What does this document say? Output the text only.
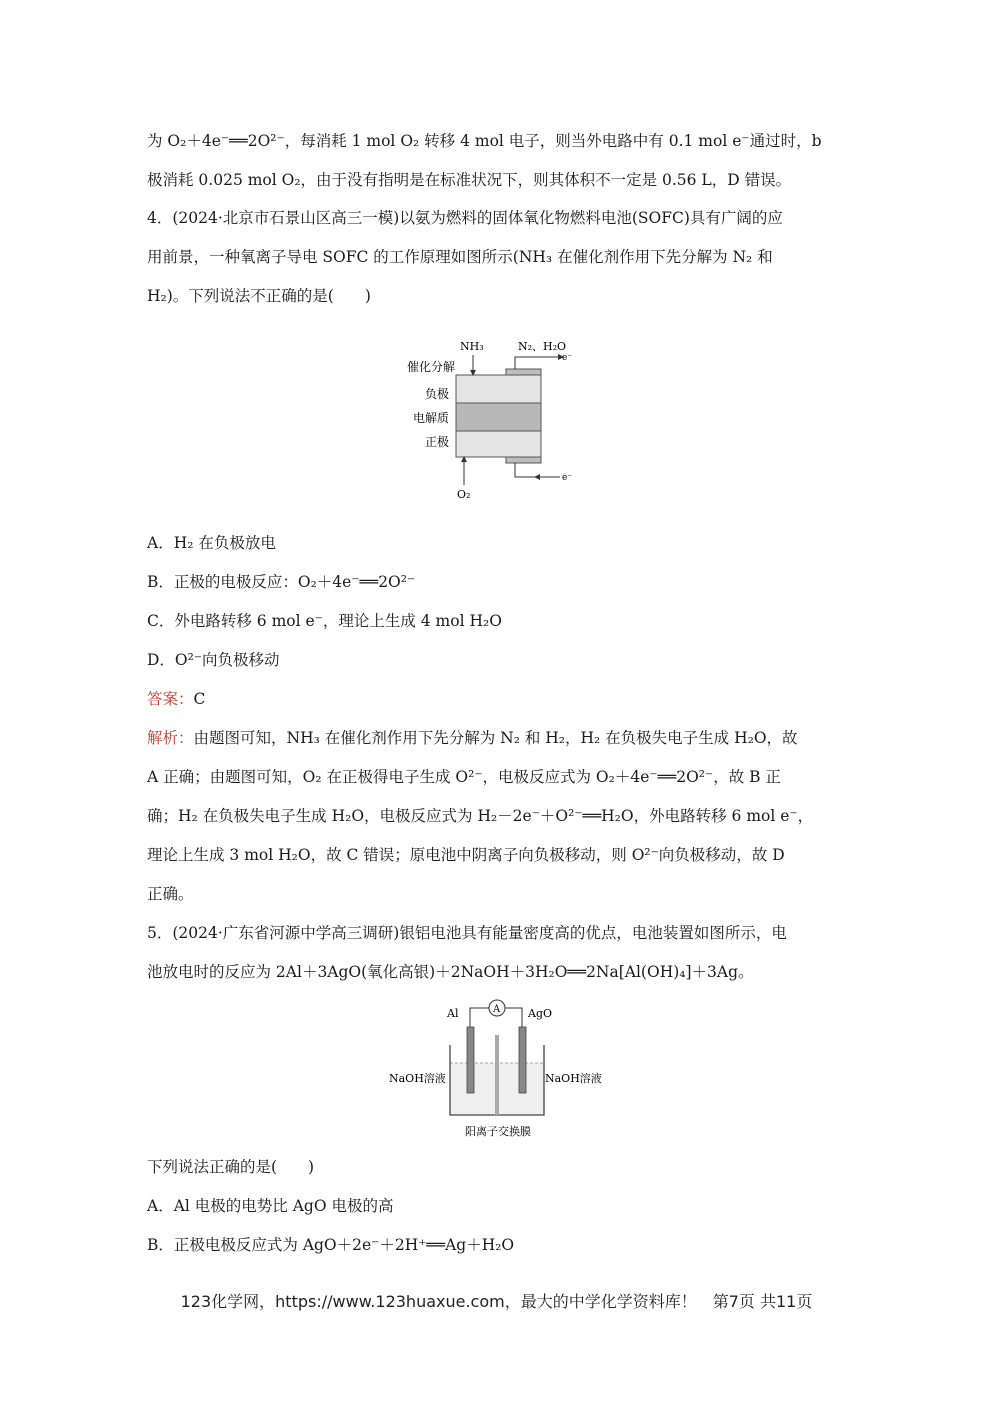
为 O₂＋4e⁻══2O²⁻，每消耗 1 mol O₂ 转移 4 mol 电子，则当外电路中有 0.1 mol e⁻通过时，b
极消耗 0.025 mol O₂，由于没有指明是在标准状况下，则其体积不一定是 0.56 L，D 错误。
4．(2024·北京市石景山区高三一模)以氨为燃料的固体氧化物燃料电池(SOFC)具有广阔的应
用前景，一种氧离子导电 SOFC 的工作原理如图所示(NH₃ 在催化剂作用下先分解为 N₂ 和
H₂)。下列说法不正确的是(　　)
NH₃	N₂、H₂O
e⁻
e⁻
催化分解
负极
电解质
正极
O₂
A．H₂ 在负极放电
B．正极的电极反应：O₂＋4e⁻══2O²⁻
C．外电路转移 6 mol e⁻，理论上生成 4 mol H₂O
D．O²⁻向负极移动
答案：C
解析：由题图可知，NH₃ 在催化剂作用下先分解为 N₂ 和 H₂，H₂ 在负极失电子生成 H₂O，故
A 正确；由题图可知，O₂ 在正极得电子生成 O²⁻，电极反应式为 O₂＋4e⁻══2O²⁻，故 B 正
确；H₂ 在负极失电子生成 H₂O，电极反应式为 H₂－2e⁻＋O²⁻══H₂O，外电路转移 6 mol e⁻，
理论上生成 3 mol H₂O，故 C 错误；原电池中阴离子向负极移动，则 O²⁻向负极移动，故 D
正确。
5．(2024·广东省河源中学高三调研)银铝电池具有能量密度高的优点，电池装置如图所示，电
池放电时的反应为 2Al＋3AgO(氧化高银)＋2NaOH＋3H₂O══2Na[Al(OH)₄]＋3Ag。
A
Al	AgO
NaOH溶液	NaOH溶液
阳离子交换膜
下列说法正确的是(　　)
A．Al 电极的电势比 AgO 电极的高
B．正极电极反应式为 AgO＋2e⁻＋2H⁺══Ag＋H₂O
123化学网，https://www.123huaxue.com，最大的中学化学资料库！　第7页 共11页
